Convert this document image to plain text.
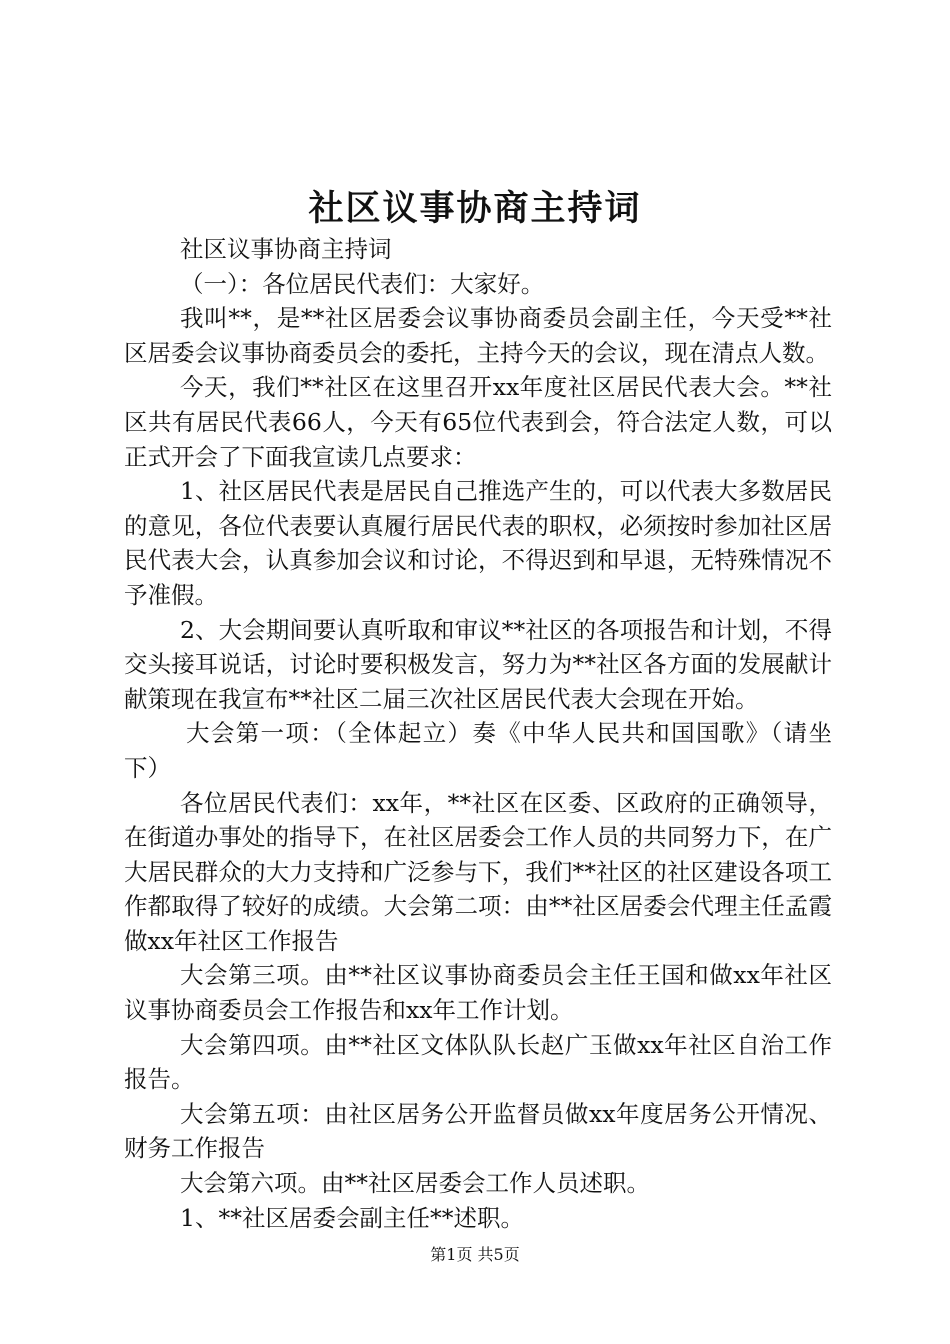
社区议事协商主持词

社区议事协商主持词

（一）：各位居民代表们：大家好。

我叫**，是**社区居委会议事协商委员会副主任，今天受**社区居委会议事协商委员会的委托，主持今天的会议，现在清点人数。

今天，我们**社区在这里召开xx年度社区居民代表大会。**社区共有居民代表66人，今天有65位代表到会，符合法定人数，可以正式开会了下面我宣读几点要求：

1、社区居民代表是居民自己推选产生的，可以代表大多数居民的意见，各位代表要认真履行居民代表的职权，必须按时参加社区居民代表大会，认真参加会议和讨论，不得迟到和早退，无特殊情况不予准假。

2、大会期间要认真听取和审议**社区的各项报告和计划，不得交头接耳说话，讨论时要积极发言，努力为**社区各方面的发展献计献策现在我宣布**社区二届三次社区居民代表大会现在开始。

大会第一项：（全体起立）奏《中华人民共和国国歌》（请坐下）

各位居民代表们：xx年，**社区在区委、区政府的正确领导，在街道办事处的指导下，在社区居委会工作人员的共同努力下，在广大居民群众的大力支持和广泛参与下，我们**社区的社区建设各项工作都取得了较好的成绩。大会第二项：由**社区居委会代理主任孟霞做xx年社区工作报告

大会第三项。由**社区议事协商委员会主任王国和做xx年社区议事协商委员会工作报告和xx年工作计划。

大会第四项。由**社区文体队队长赵广玉做xx年社区自治工作报告。

大会第五项：由社区居务公开监督员做xx年度居务公开情况、财务工作报告

大会第六项。由**社区居委会工作人员述职。

1、**社区居委会副主任**述职。

第1页 共5页
